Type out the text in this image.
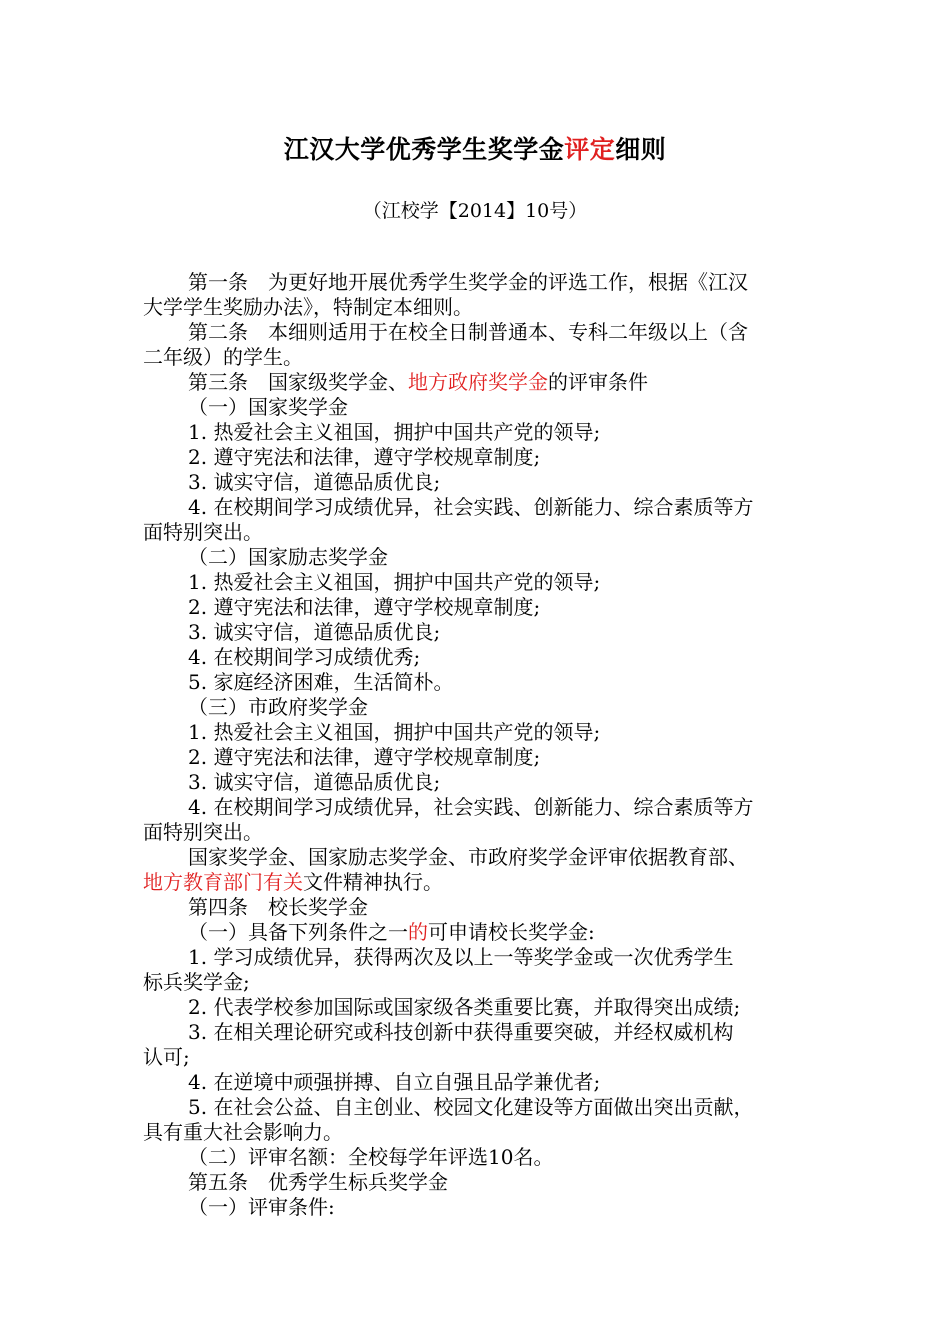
江汉大学优秀学生奖学金评定细则
（江校学【2014】10号）
第一条　为更好地开展优秀学生奖学金的评选工作，根据《江汉
大学学生奖励办法》，特制定本细则。
第二条　本细则适用于在校全日制普通本、专科二年级以上（含
二年级）的学生。
第三条　国家级奖学金、地方政府奖学金的评审条件
（一）国家奖学金
1. 热爱社会主义祖国，拥护中国共产党的领导;
2. 遵守宪法和法律，遵守学校规章制度;
3. 诚实守信，道德品质优良;
4. 在校期间学习成绩优异，社会实践、创新能力、综合素质等方
面特别突出。
（二）国家励志奖学金
1. 热爱社会主义祖国，拥护中国共产党的领导;
2. 遵守宪法和法律，遵守学校规章制度;
3. 诚实守信，道德品质优良;
4. 在校期间学习成绩优秀;
5. 家庭经济困难，生活简朴。
（三）市政府奖学金
1. 热爱社会主义祖国，拥护中国共产党的领导;
2. 遵守宪法和法律，遵守学校规章制度;
3. 诚实守信，道德品质优良;
4. 在校期间学习成绩优异，社会实践、创新能力、综合素质等方
面特别突出。
国家奖学金、国家励志奖学金、市政府奖学金评审依据教育部、
地方教育部门有关文件精神执行。
第四条　校长奖学金
（一）具备下列条件之一的可申请校长奖学金:
1. 学习成绩优异，获得两次及以上一等奖学金或一次优秀学生
标兵奖学金;
2. 代表学校参加国际或国家级各类重要比赛，并取得突出成绩;
3. 在相关理论研究或科技创新中获得重要突破，并经权威机构
认可;
4. 在逆境中顽强拼搏、自立自强且品学兼优者;
5. 在社会公益、自主创业、校园文化建设等方面做出突出贡献，
具有重大社会影响力。
（二）评审名额：全校每学年评选10名。
第五条　优秀学生标兵奖学金
（一）评审条件:
